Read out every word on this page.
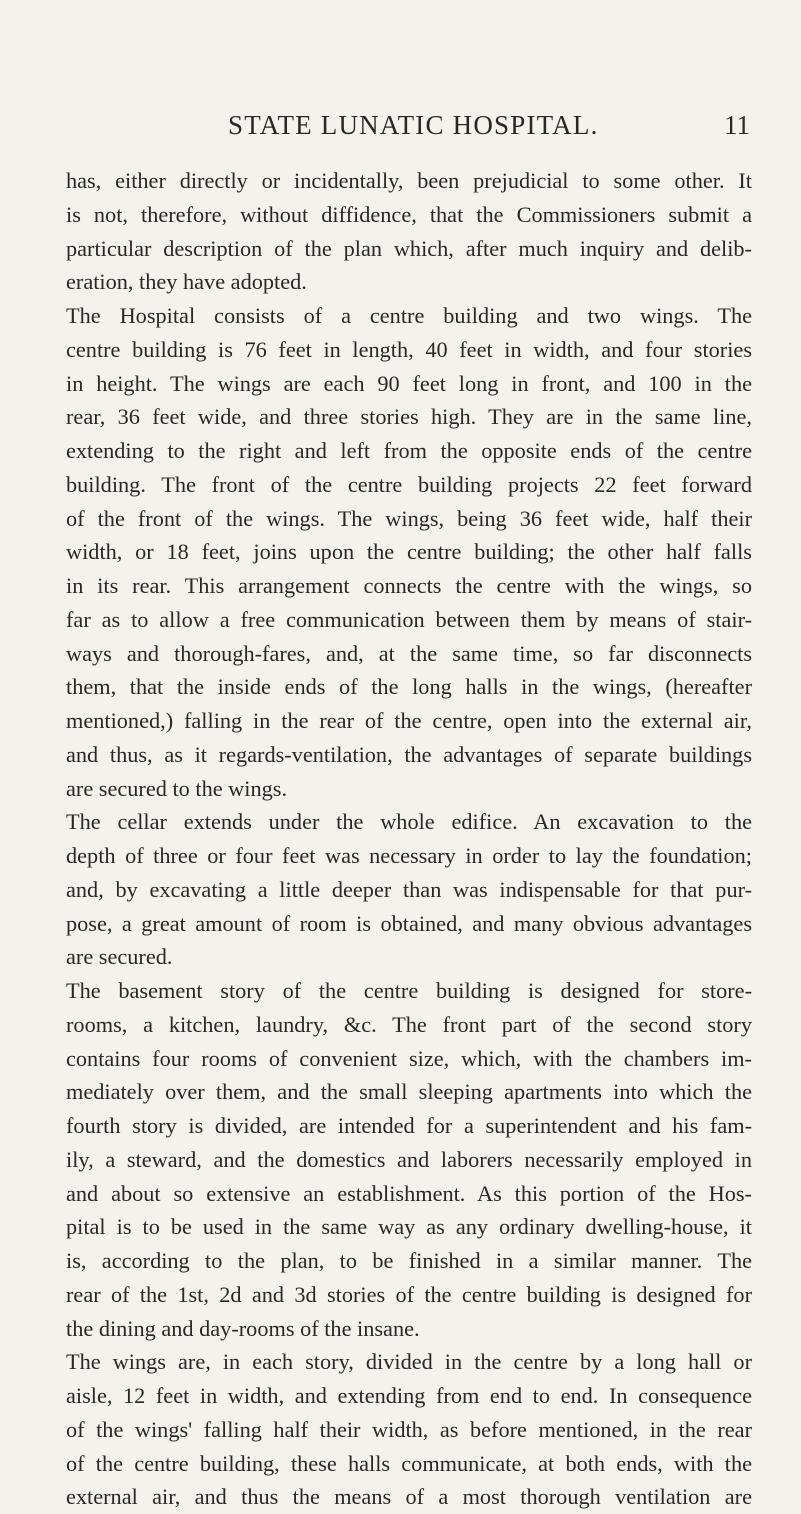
STATE LUNATIC HOSPITAL.	11
has, either directly or incidentally, been prejudicial to some other. It
is not, therefore, without diffidence, that the Commissioners submit a
particular description of the plan which, after much inquiry and delib-
eration, they have adopted.
The Hospital consists of a centre building and two wings. The
centre building is 76 feet in length, 40 feet in width, and four stories
in height. The wings are each 90 feet long in front, and 100 in the
rear, 36 feet wide, and three stories high. They are in the same line,
extending to the right and left from the opposite ends of the centre
building. The front of the centre building projects 22 feet forward
of the front of the wings. The wings, being 36 feet wide, half their
width, or 18 feet, joins upon the centre building; the other half falls
in its rear. This arrangement connects the centre with the wings, so
far as to allow a free communication between them by means of stair-
ways and thorough-fares, and, at the same time, so far disconnects
them, that the inside ends of the long halls in the wings, (hereafter
mentioned,) falling in the rear of the centre, open into the external air,
and thus, as it regards-ventilation, the advantages of separate buildings
are secured to the wings.
The cellar extends under the whole edifice. An excavation to the
depth of three or four feet was necessary in order to lay the foundation;
and, by excavating a little deeper than was indispensable for that pur-
pose, a great amount of room is obtained, and many obvious advantages
are secured.
The basement story of the centre building is designed for store-
rooms, a kitchen, laundry, &c. The front part of the second story
contains four rooms of convenient size, which, with the chambers im-
mediately over them, and the small sleeping apartments into which the
fourth story is divided, are intended for a superintendent and his fam-
ily, a steward, and the domestics and laborers necessarily employed in
and about so extensive an establishment. As this portion of the Hos-
pital is to be used in the same way as any ordinary dwelling-house, it
is, according to the plan, to be finished in a similar manner. The
rear of the 1st, 2d and 3d stories of the centre building is designed for
the dining and day-rooms of the insane.
The wings are, in each story, divided in the centre by a long hall or
aisle, 12 feet in width, and extending from end to end. In consequence
of the wings' falling half their width, as before mentioned, in the rear
of the centre building, these halls communicate, at both ends, with the
external air, and thus the means of a most thorough ventilation are
